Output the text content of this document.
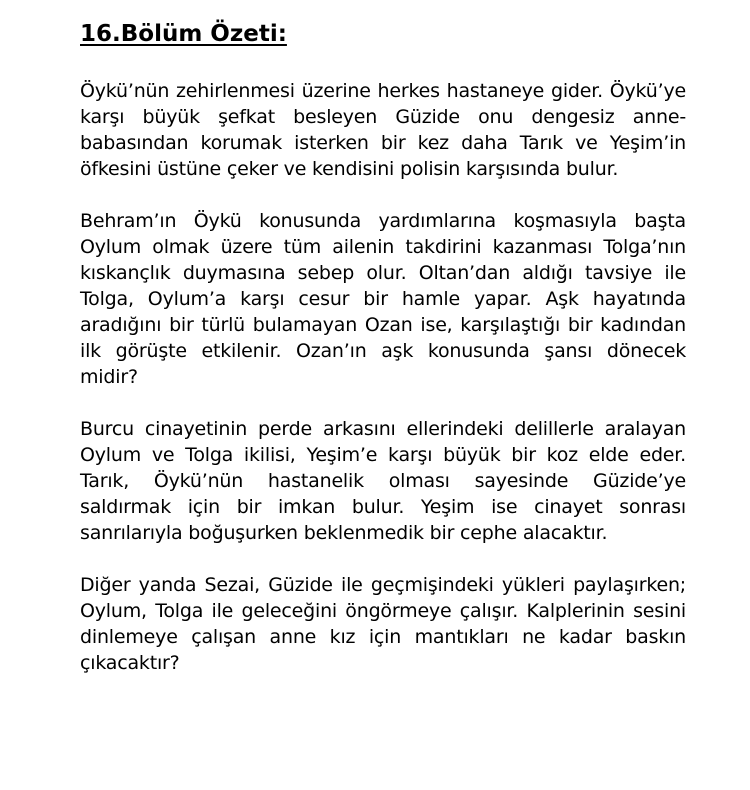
16.Bölüm Özeti:

Öykü’nün zehirlenmesi üzerine herkes hastaneye gider. Öykü’ye karşı büyük şefkat besleyen Güzide onu dengesiz anne-babasından korumak isterken bir kez daha Tarık ve Yeşim’in öfkesini üstüne çeker ve kendisini polisin karşısında bulur.

Behram’ın Öykü konusunda yardımlarına koşmasıyla başta Oylum olmak üzere tüm ailenin takdirini kazanması Tolga’nın kıskançlık duymasına sebep olur. Oltan’dan aldığı tavsiye ile Tolga, Oylum’a karşı cesur bir hamle yapar. Aşk hayatında aradığını bir türlü bulamayan Ozan ise, karşılaştığı bir kadından ilk görüşte etkilenir. Ozan’ın aşk konusunda şansı dönecek midir?

Burcu cinayetinin perde arkasını ellerindeki delillerle aralayan Oylum ve Tolga ikilisi, Yeşim’e karşı büyük bir koz elde eder. Tarık, Öykü’nün hastanelik olması sayesinde Güzide’ye saldırmak için bir imkan bulur. Yeşim ise cinayet sonrası sanrılarıyla boğuşurken beklenmedik bir cephe alacaktır.

Diğer yanda Sezai, Güzide ile geçmişindeki yükleri paylaşırken; Oylum, Tolga ile geleceğini öngörmeye çalışır. Kalplerinin sesini dinlemeye çalışan anne kız için mantıkları ne kadar baskın çıkacaktır?
